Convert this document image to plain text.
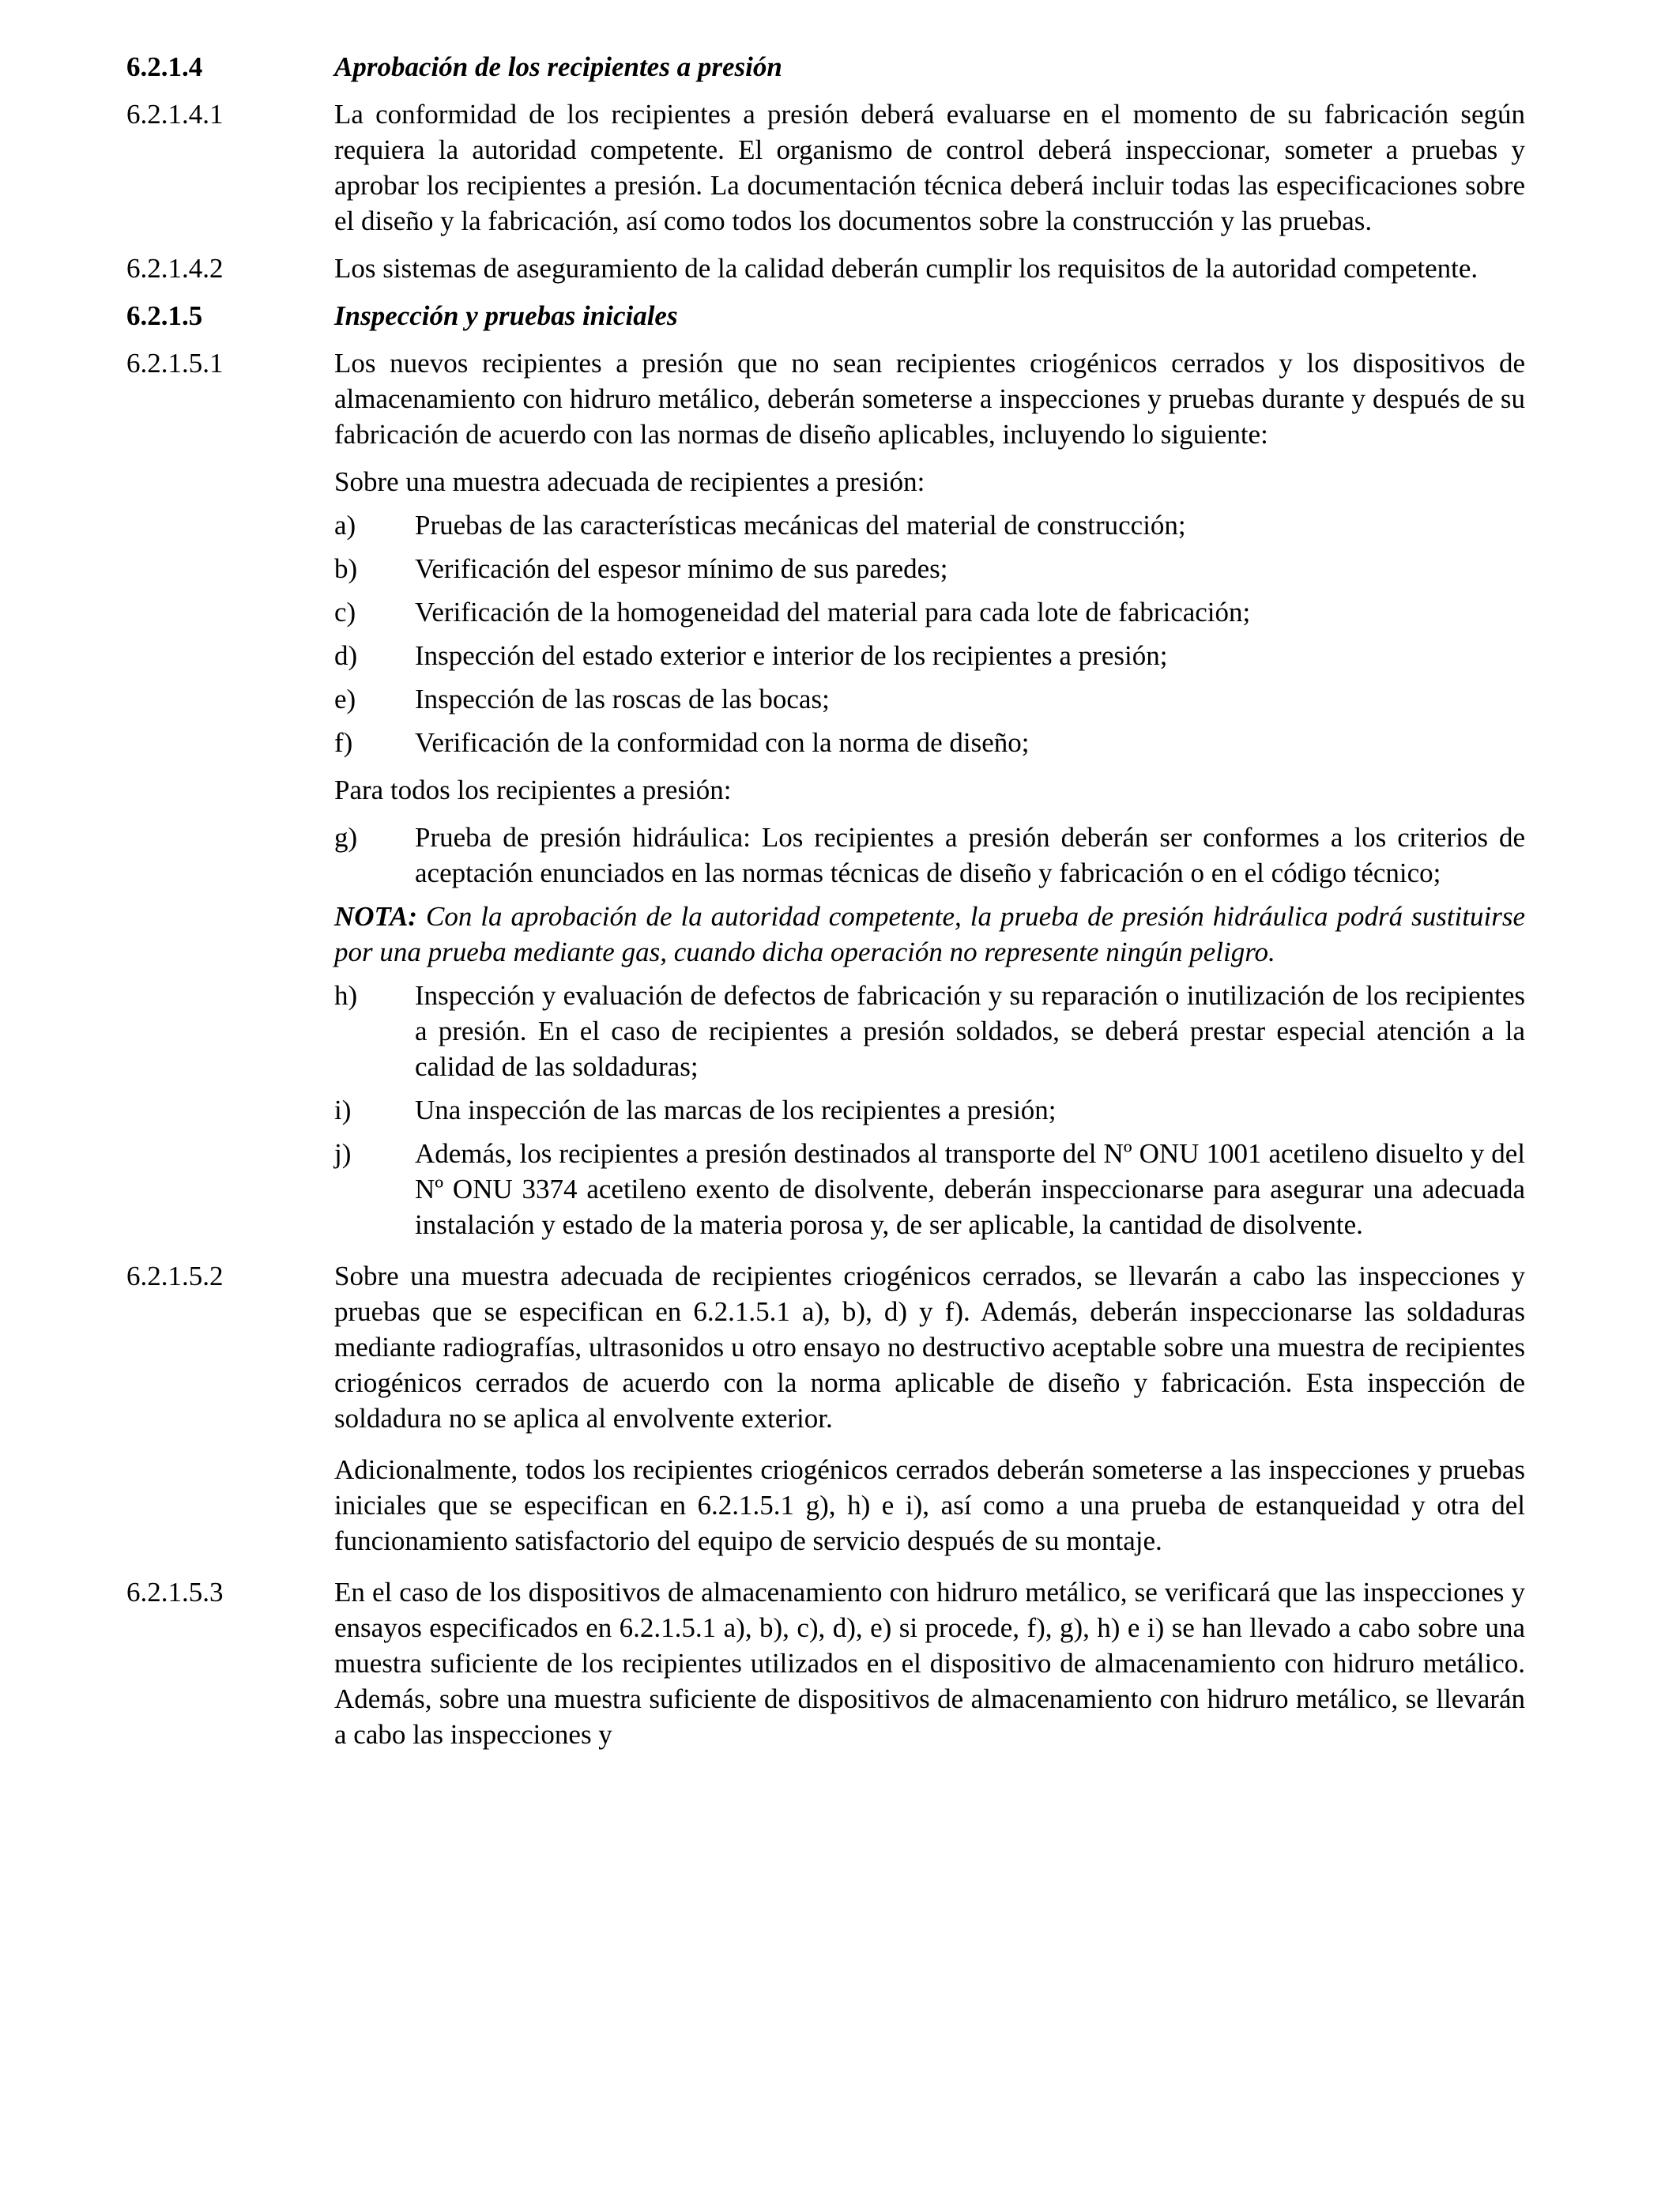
6.2.1.4	Aprobación de los recipientes a presión
6.2.1.4.1	La conformidad de los recipientes a presión deberá evaluarse en el momento de su fabricación según requiera la autoridad competente. El organismo de control deberá inspeccionar, someter a pruebas y aprobar los recipientes a presión. La documentación técnica deberá incluir todas las especificaciones sobre el diseño y la fabricación, así como todos los documentos sobre la construcción y las pruebas.
6.2.1.4.2	Los sistemas de aseguramiento de la calidad deberán cumplir los requisitos de la autoridad competente.
6.2.1.5	Inspección y pruebas iniciales
6.2.1.5.1	Los nuevos recipientes a presión que no sean recipientes criogénicos cerrados y los dispositivos de almacenamiento con hidruro metálico, deberán someterse a inspecciones y pruebas durante y después de su fabricación de acuerdo con las normas de diseño aplicables, incluyendo lo siguiente:
Sobre una muestra adecuada de recipientes a presión:
a)	Pruebas de las características mecánicas del material de construcción;
b)	Verificación del espesor mínimo de sus paredes;
c)	Verificación de la homogeneidad del material para cada lote de fabricación;
d)	Inspección del estado exterior e interior de los recipientes a presión;
e)	Inspección de las roscas de las bocas;
f)	Verificación de la conformidad con la norma de diseño;
Para todos los recipientes a presión:
g)	Prueba de presión hidráulica: Los recipientes a presión deberán ser conformes a los criterios de aceptación enunciados en las normas técnicas de diseño y fabricación o en el código técnico;
NOTA: Con la aprobación de la autoridad competente, la prueba de presión hidráulica podrá sustituirse por una prueba mediante gas, cuando dicha operación no represente ningún peligro.
h)	Inspección y evaluación de defectos de fabricación y su reparación o inutilización de los recipientes a presión. En el caso de recipientes a presión soldados, se deberá prestar especial atención a la calidad de las soldaduras;
i)	Una inspección de las marcas de los recipientes a presión;
j)	Además, los recipientes a presión destinados al transporte del Nº ONU 1001 acetileno disuelto y del Nº ONU 3374 acetileno exento de disolvente, deberán inspeccionarse para asegurar una adecuada instalación y estado de la materia porosa y, de ser aplicable, la cantidad de disolvente.
6.2.1.5.2	Sobre una muestra adecuada de recipientes criogénicos cerrados, se llevarán a cabo las inspecciones y pruebas que se especifican en 6.2.1.5.1 a), b), d) y f). Además, deberán inspeccionarse las soldaduras mediante radiografías, ultrasonidos u otro ensayo no destructivo aceptable sobre una muestra de recipientes criogénicos cerrados de acuerdo con la norma aplicable de diseño y fabricación. Esta inspección de soldadura no se aplica al envolvente exterior.
Adicionalmente, todos los recipientes criogénicos cerrados deberán someterse a las inspecciones y pruebas iniciales que se especifican en 6.2.1.5.1 g), h) e i), así como a una prueba de estanqueidad y otra del funcionamiento satisfactorio del equipo de servicio después de su montaje.
6.2.1.5.3	En el caso de los dispositivos de almacenamiento con hidruro metálico, se verificará que las inspecciones y ensayos especificados en 6.2.1.5.1 a), b), c), d), e) si procede, f), g), h) e i) se han llevado a cabo sobre una muestra suficiente de los recipientes utilizados en el dispositivo de almacenamiento con hidruro metálico. Además, sobre una muestra suficiente de dispositivos de almacenamiento con hidruro metálico, se llevarán a cabo las inspecciones y
